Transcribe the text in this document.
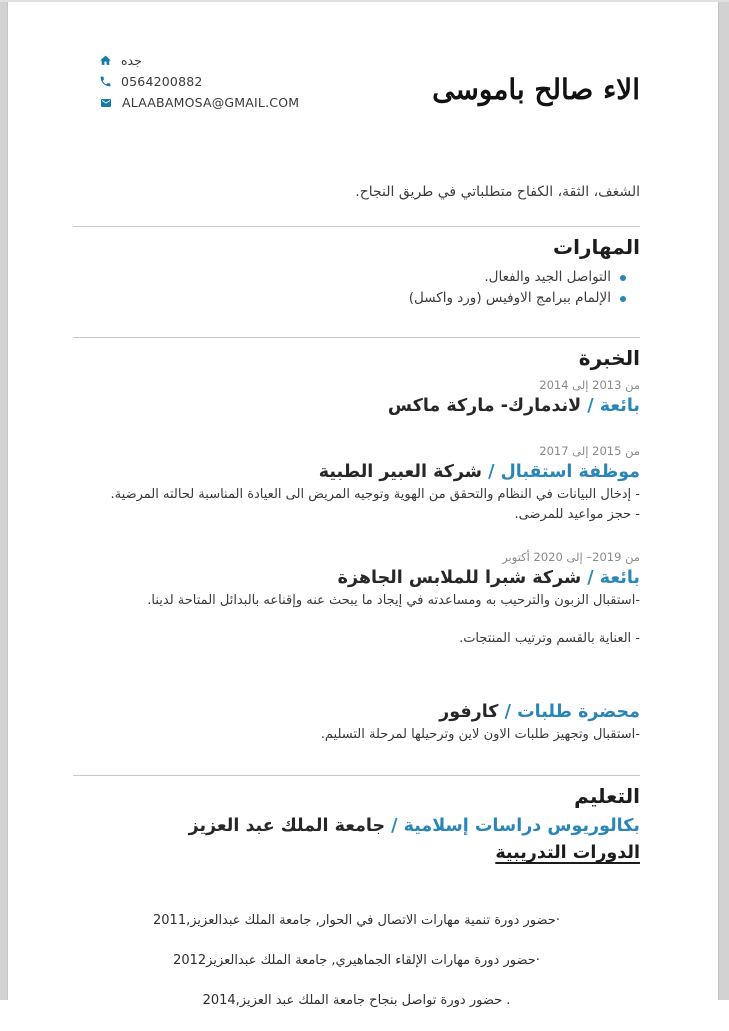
الاء صالح باموسى
جده
0564200882
ALAABAMOSA@GMAIL.COM
الشغف، الثقة، الكفاح متطلباتي في طريق النجاح.
المهارات
التواصل الجيد والفعال.
الإلمام ببرامج الاوفيس (ورد واكسل)
الخبرة
من 2013 إلى 2014
بائعة / لاندمارك- ماركة ماكس
من 2015 إلى 2017
موظفة استقبال / شركة العبير الطبية

- إدخال البيانات في النظام والتحقق من الهوية وتوجيه المريض الى العيادة المناسبة لحالته المرضية.

- حجز مواعيد للمرضى.

من 2019– إلى 2020 أكتوبر
بائعة / شركة شبرا للملابس الجاهزة

-استقبال الزبون والترحيب به ومساعدته في إيجاد ما يبحث عنه وإقناعه بالبدائل المتاحة لدينا.

- العناية بالقسم وترتيب المنتجات.

محضرة طلبات / كارفور

-استقبال وتجهيز طلبات الاون لاين وترحيلها لمرحلة التسليم.

التعليم
بكالوريوس دراسات إسلامية / جامعة الملك عبد العزيز
الدورات التدريبية
·حضور دورة تنمية مهارات الاتصال في الحوار, جامعة الملك عبدالعزيز,2011
·حضور دورة مهارات الإلقاء الجماهيري, جامعة الملك عبدالعزيز2012
. حضور دورة تواصل بنجاح جامعة الملك عبد العزيز,2014
